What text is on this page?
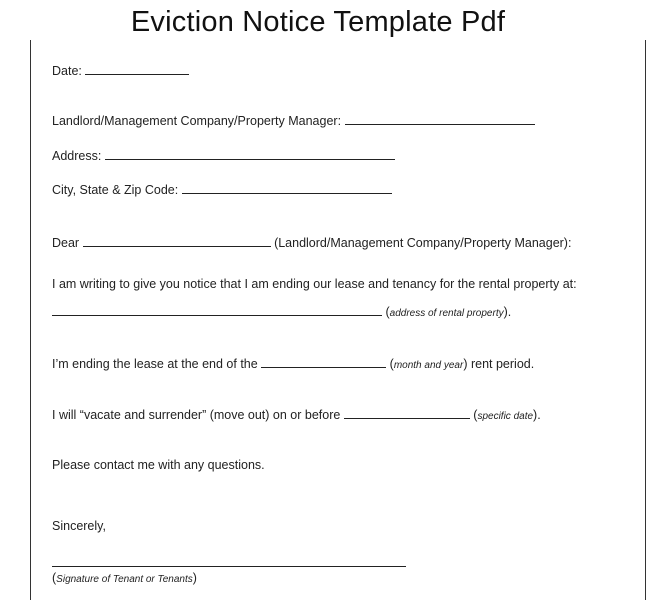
Eviction Notice Template Pdf
Date:
Landlord/Management Company/Property Manager:
Address:
City, State & Zip Code:
Dear	(Landlord/Management Company/Property Manager):
I am writing to give you notice that I am ending our lease and tenancy for the rental property at:
(address of rental property).
I’m ending the lease at the end of the	(month and year) rent period.
I will “vacate and surrender” (move out) on or before	(specific date).
Please contact me with any questions.
Sincerely,
(Signature of Tenant or Tenants)
